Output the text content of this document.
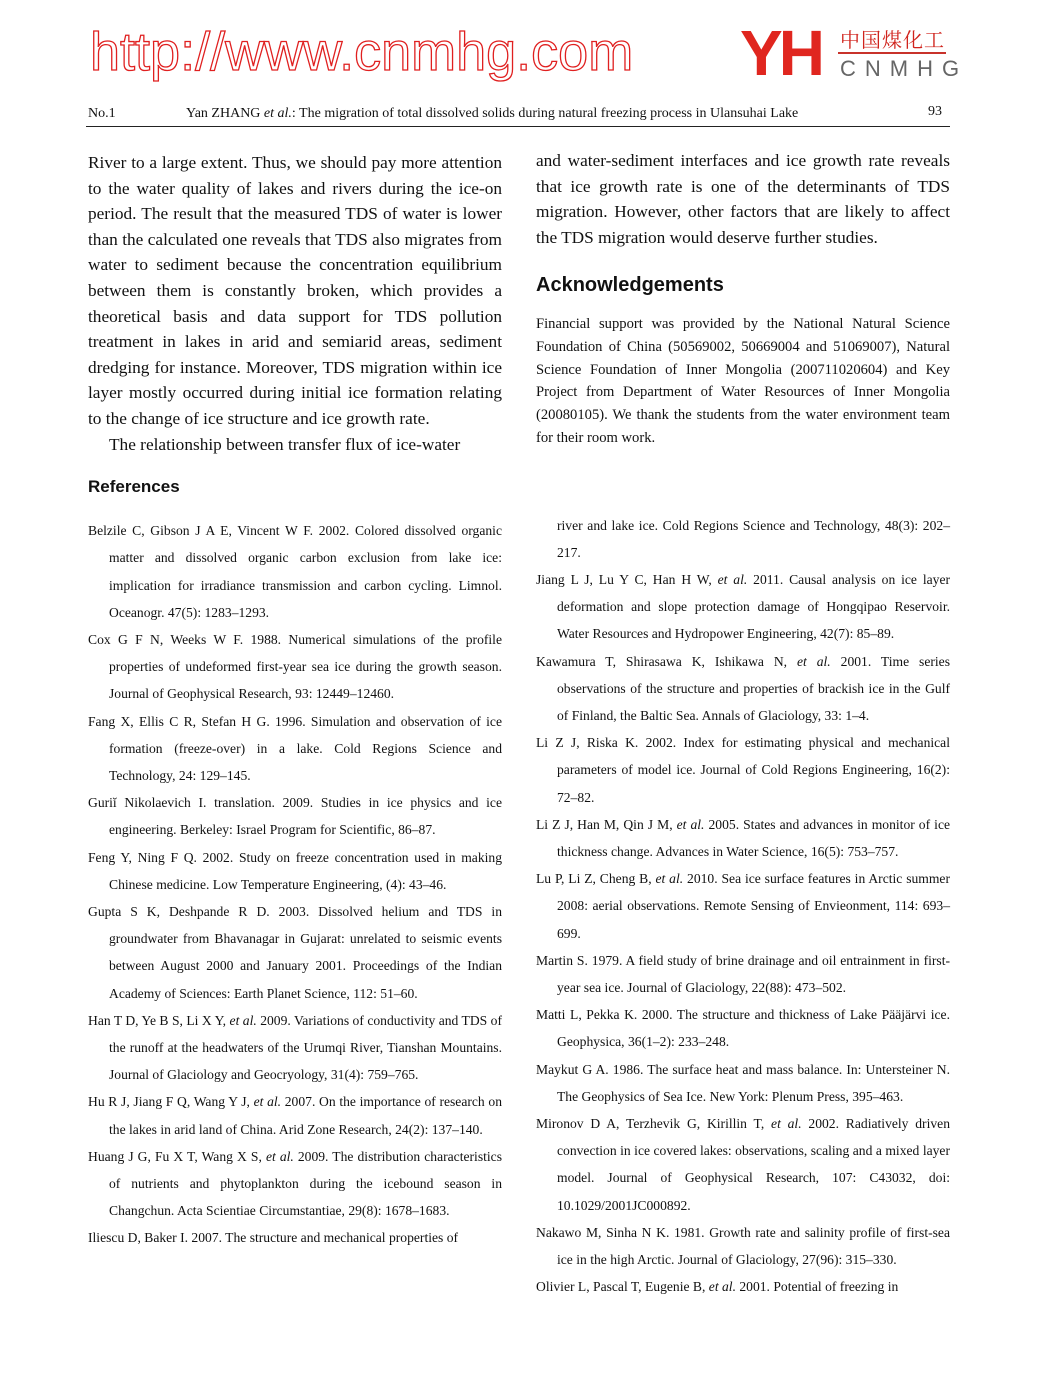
http://www.cnmhg.com YH 中国煤化工
CNMHG
No.1	Yan ZHANG et al.: The migration of total dissolved solids during natural freezing process in Ulansuhai Lake	93

River to a large extent. Thus, we should pay more attention to the water quality of lakes and rivers during the ice-on period. The result that the measured TDS of water is lower than the calculated one reveals that TDS also migrates from water to sediment because the concentration equilibrium between them is constantly broken, which provides a theoretical basis and data support for TDS pollution treatment in lakes in arid and semiarid areas, sediment dredging for instance. Moreover, TDS migration within ice layer mostly occurred during initial ice formation relating to the change of ice structure and ice growth rate.

The relationship between transfer flux of ice-water

References

Belzile C, Gibson J A E, Vincent W F. 2002. Colored dissolved organic matter and dissolved organic carbon exclusion from lake ice: implication for irradiance transmission and carbon cycling. Limnol. Oceanogr. 47(5): 1283–1293.

Cox G F N, Weeks W F. 1988. Numerical simulations of the profile properties of undeformed first-year sea ice during the growth season. Journal of Geophysical Research, 93: 12449–12460.

Fang X, Ellis C R, Stefan H G. 1996. Simulation and observation of ice formation (freeze-over) in a lake. Cold Regions Science and Technology, 24: 129–145.

Guriĭ Nikolaevich I. translation. 2009. Studies in ice physics and ice engineering. Berkeley: Israel Program for Scientific, 86–87.

Feng Y, Ning F Q. 2002. Study on freeze concentration used in making Chinese medicine. Low Temperature Engineering, (4): 43–46.

Gupta S K, Deshpande R D. 2003. Dissolved helium and TDS in groundwater from Bhavanagar in Gujarat: unrelated to seismic events between August 2000 and January 2001. Proceedings of the Indian Academy of Sciences: Earth Planet Science, 112: 51–60.

Han T D, Ye B S, Li X Y, et al. 2009. Variations of conductivity and TDS of the runoff at the headwaters of the Urumqi River, Tianshan Mountains. Journal of Glaciology and Geocryology, 31(4): 759–765.

Hu R J, Jiang F Q, Wang Y J, et al. 2007. On the importance of research on the lakes in arid land of China. Arid Zone Research, 24(2): 137–140.

Huang J G, Fu X T, Wang X S, et al. 2009. The distribution characteristics of nutrients and phytoplankton during the icebound season in Changchun. Acta Scientiae Circumstantiae, 29(8): 1678–1683.

Iliescu D, Baker I. 2007. The structure and mechanical properties of

and water-sediment interfaces and ice growth rate reveals that ice growth rate is one of the determinants of TDS migration. However, other factors that are likely to affect the TDS migration would deserve further studies.

Acknowledgements

Financial support was provided by the National Natural Science Foundation of China (50569002, 50669004 and 51069007), Natural Science Foundation of Inner Mongolia (200711020604) and Key Project from Department of Water Resources of Inner Mongolia (20080105). We thank the students from the water environment team for their room work.

river and lake ice. Cold Regions Science and Technology, 48(3): 202–217.

Jiang L J, Lu Y C, Han H W, et al. 2011. Causal analysis on ice layer deformation and slope protection damage of Hongqipao Reservoir. Water Resources and Hydropower Engineering, 42(7): 85–89.

Kawamura T, Shirasawa K, Ishikawa N, et al. 2001. Time series observations of the structure and properties of brackish ice in the Gulf of Finland, the Baltic Sea. Annals of Glaciology, 33: 1–4.

Li Z J, Riska K. 2002. Index for estimating physical and mechanical parameters of model ice. Journal of Cold Regions Engineering, 16(2): 72–82.

Li Z J, Han M, Qin J M, et al. 2005. States and advances in monitor of ice thickness change. Advances in Water Science, 16(5): 753–757.

Lu P, Li Z, Cheng B, et al. 2010. Sea ice surface features in Arctic summer 2008: aerial observations. Remote Sensing of Envieonment, 114: 693–699.

Martin S. 1979. A field study of brine drainage and oil entrainment in first-year sea ice. Journal of Glaciology, 22(88): 473–502.

Matti L, Pekka K. 2000. The structure and thickness of Lake Pääjärvi ice. Geophysica, 36(1–2): 233–248.

Maykut G A. 1986. The surface heat and mass balance. In: Untersteiner N. The Geophysics of Sea Ice. New York: Plenum Press, 395–463.

Mironov D A, Terzhevik G, Kirillin T, et al. 2002. Radiatively driven convection in ice covered lakes: observations, scaling and a mixed layer model. Journal of Geophysical Research, 107: C43032, doi: 10.1029/2001JC000892.

Nakawo M, Sinha N K. 1981. Growth rate and salinity profile of first-sea ice in the high Arctic. Journal of Glaciology, 27(96): 315–330.

Olivier L, Pascal T, Eugenie B, et al. 2001. Potential of freezing in
